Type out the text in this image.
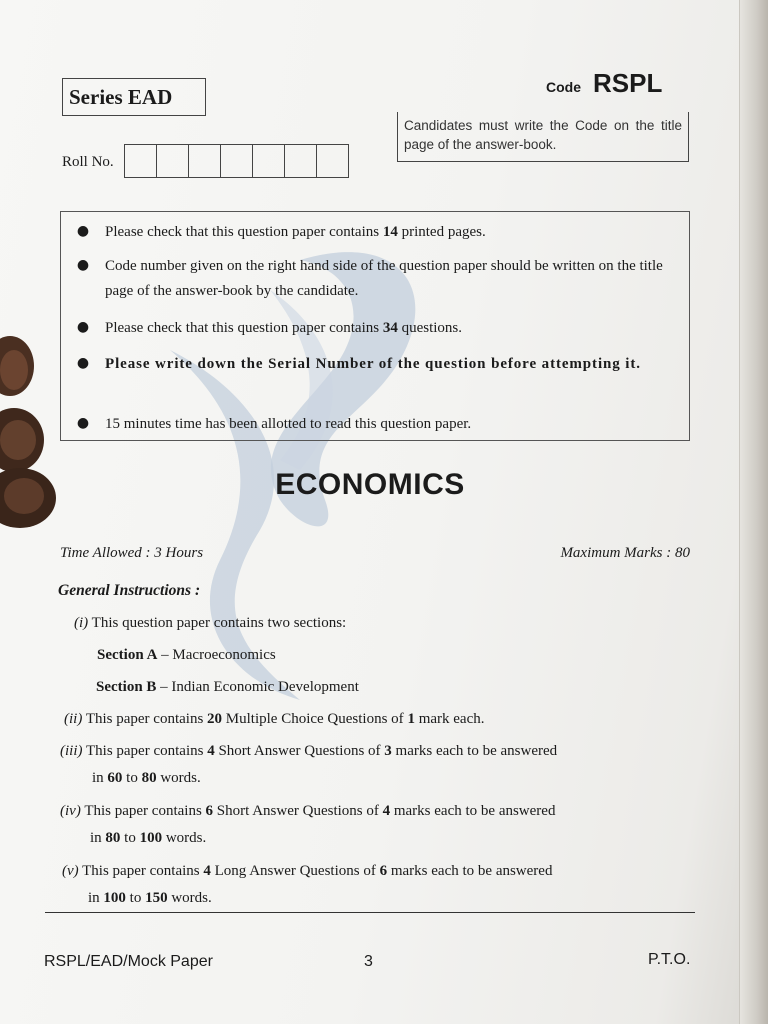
Series EAD	Code RSPL
Candidates must write the Code on the title page of the answer-book.
Roll No.
●	Please check that this question paper contains 14 printed pages.
●	Code number given on the right hand side of the question paper should be written on the title page of the answer-book by the candidate.
●	Please check that this question paper contains 34 questions.
●	Please write down the Serial Number of the question before attempting it.
●	15 minutes time has been allotted to read this question paper.
ECONOMICS
Time Allowed : 3 Hours	Maximum Marks : 80
General Instructions :
(i) This question paper contains two sections:
Section A – Macroeconomics
Section B – Indian Economic Development
(ii) This paper contains 20 Multiple Choice Questions of 1 mark each.
(iii) This paper contains 4 Short Answer Questions of 3 marks each to be answered
in 60 to 80 words.
(iv) This paper contains 6 Short Answer Questions of 4 marks each to be answered
in 80 to 100 words.
(v) This paper contains 4 Long Answer Questions of 6 marks each to be answered
in 100 to 150 words.
RSPL/EAD/Mock Paper	3	P.T.O.
